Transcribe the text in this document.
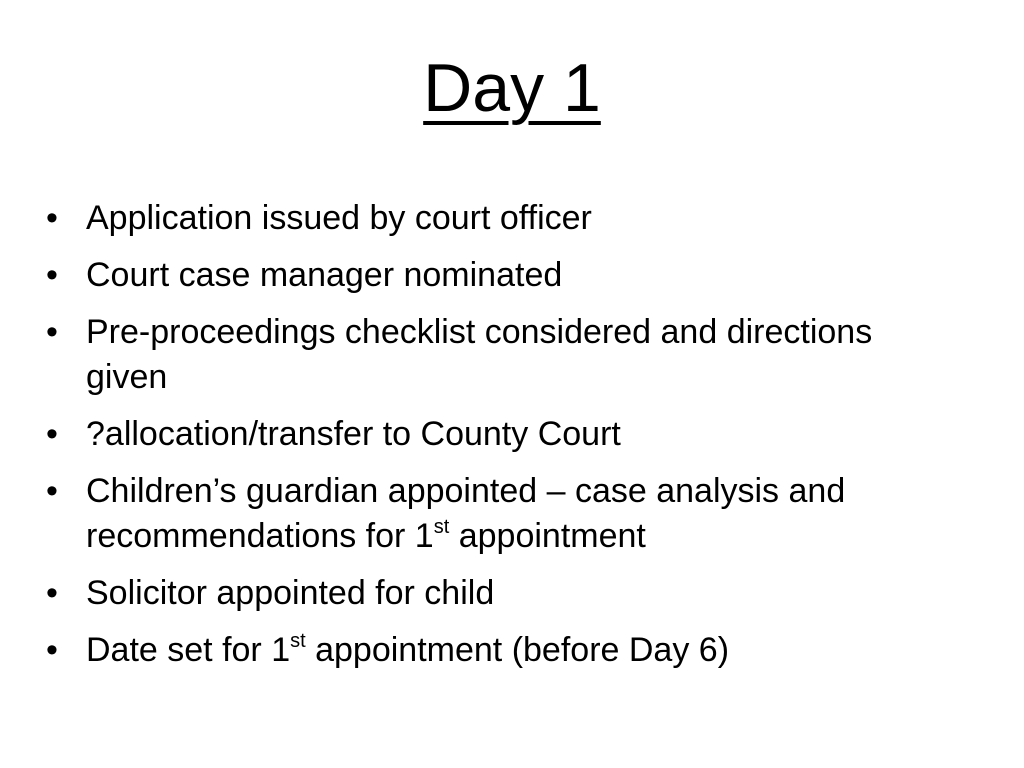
Day 1
• Application issued by court officer
• Court case manager nominated
• Pre-proceedings checklist considered and directions given
• ?allocation/transfer to County Court
• Children’s guardian appointed – case analysis and recommendations for 1st appointment
• Solicitor appointed for child
• Date set for 1st appointment (before Day 6)
